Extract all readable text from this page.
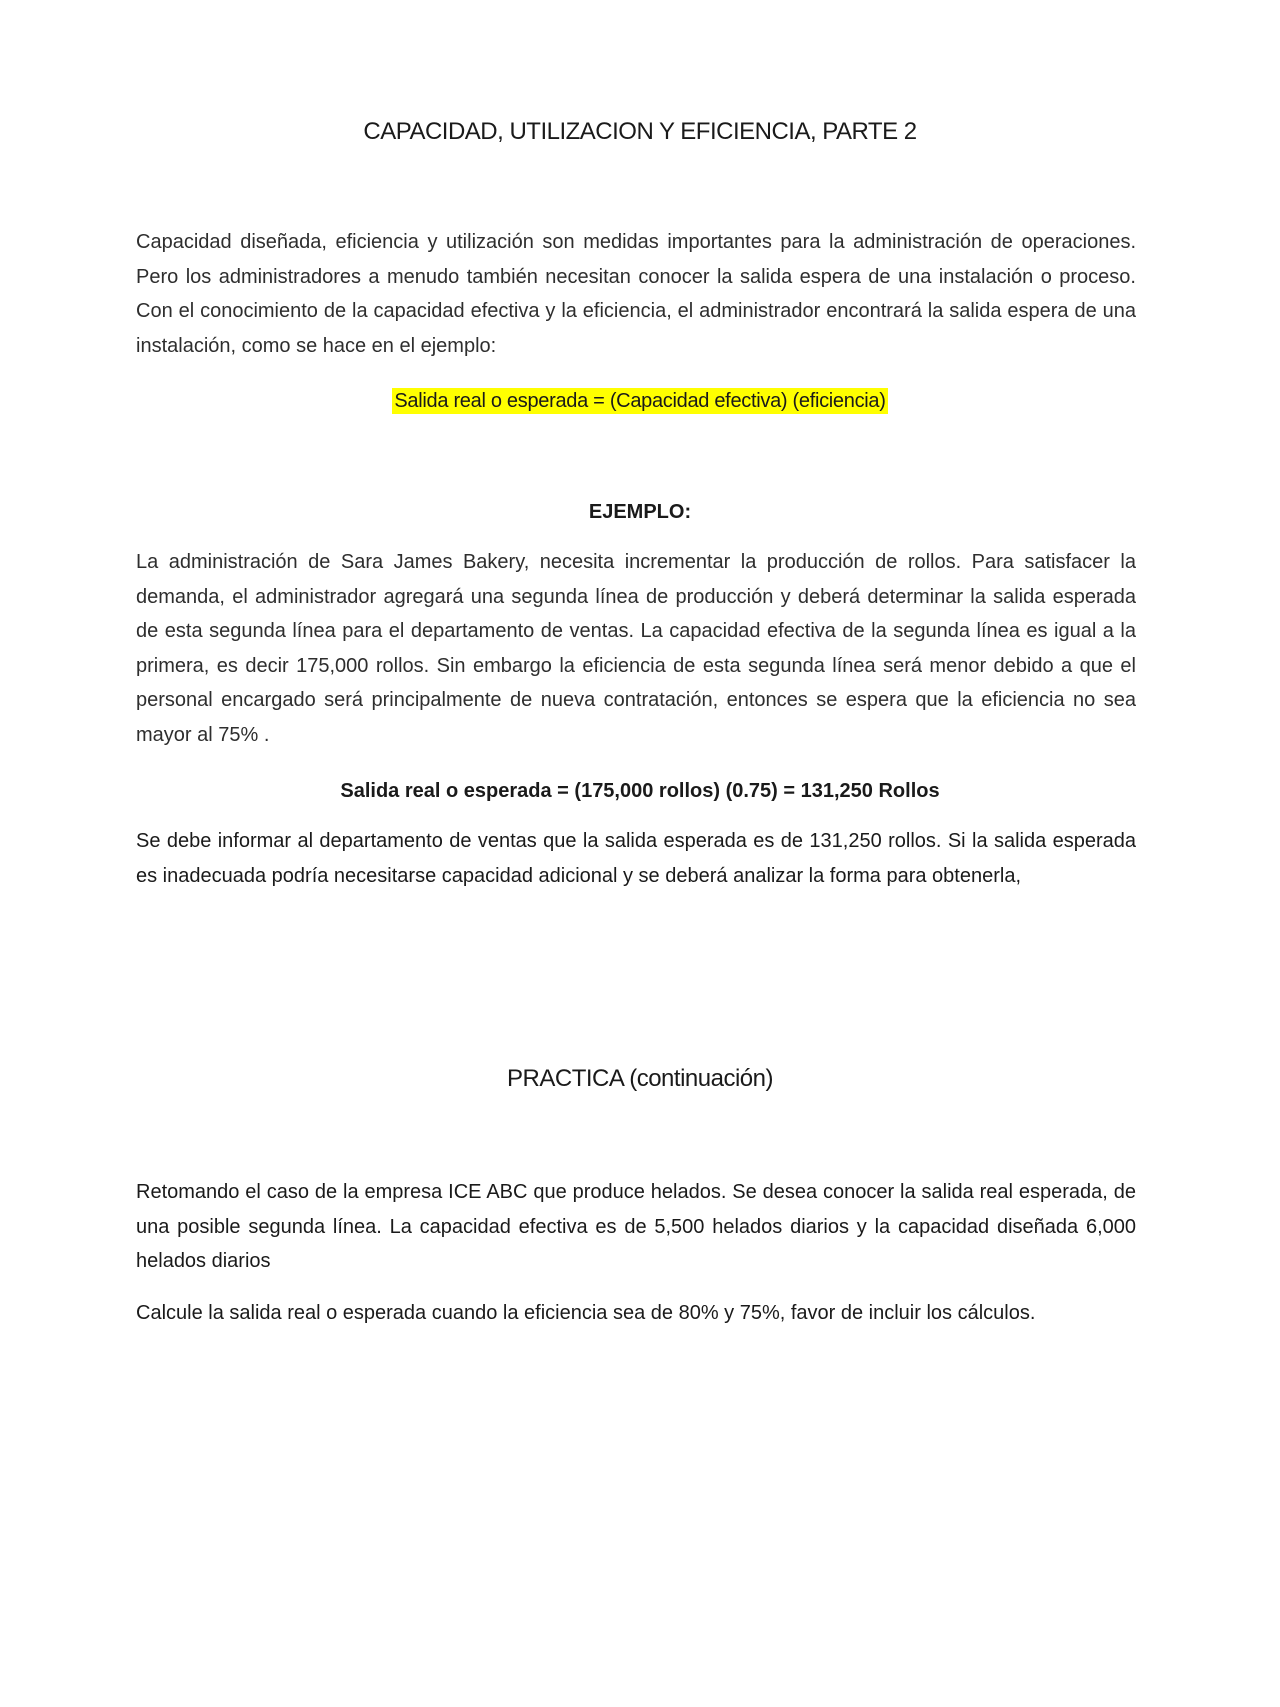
CAPACIDAD, UTILIZACION Y EFICIENCIA, PARTE 2
Capacidad diseñada, eficiencia y utilización son medidas importantes para la administración de operaciones. Pero los administradores a menudo también necesitan conocer la salida espera de una instalación o proceso. Con el conocimiento de la capacidad efectiva y la eficiencia, el administrador encontrará la salida espera de una instalación, como se hace en el ejemplo:
Salida real o esperada = (Capacidad efectiva) (eficiencia)
EJEMPLO:
La administración de Sara James Bakery, necesita incrementar la producción de rollos. Para satisfacer la demanda, el administrador agregará una segunda línea de producción y deberá determinar la salida esperada de esta segunda línea para el departamento de ventas. La capacidad efectiva de la segunda línea es igual a la primera, es decir 175,000 rollos. Sin embargo la eficiencia de esta segunda línea será menor debido a que el personal encargado será principalmente de nueva contratación, entonces se espera que la eficiencia no sea mayor al 75% .
Salida real o esperada = (175,000 rollos) (0.75) = 131,250 Rollos
Se debe informar al departamento de ventas que la salida esperada es de 131,250 rollos. Si la salida esperada es inadecuada podría necesitarse capacidad adicional y se deberá analizar la forma para obtenerla,
PRACTICA (continuación)
Retomando el caso de la empresa ICE ABC que produce helados. Se desea conocer la salida real esperada, de una posible segunda línea. La capacidad efectiva es de 5,500 helados diarios y la capacidad diseñada 6,000 helados diarios
Calcule la salida real o esperada cuando la eficiencia sea de 80% y 75%, favor de incluir los cálculos.
